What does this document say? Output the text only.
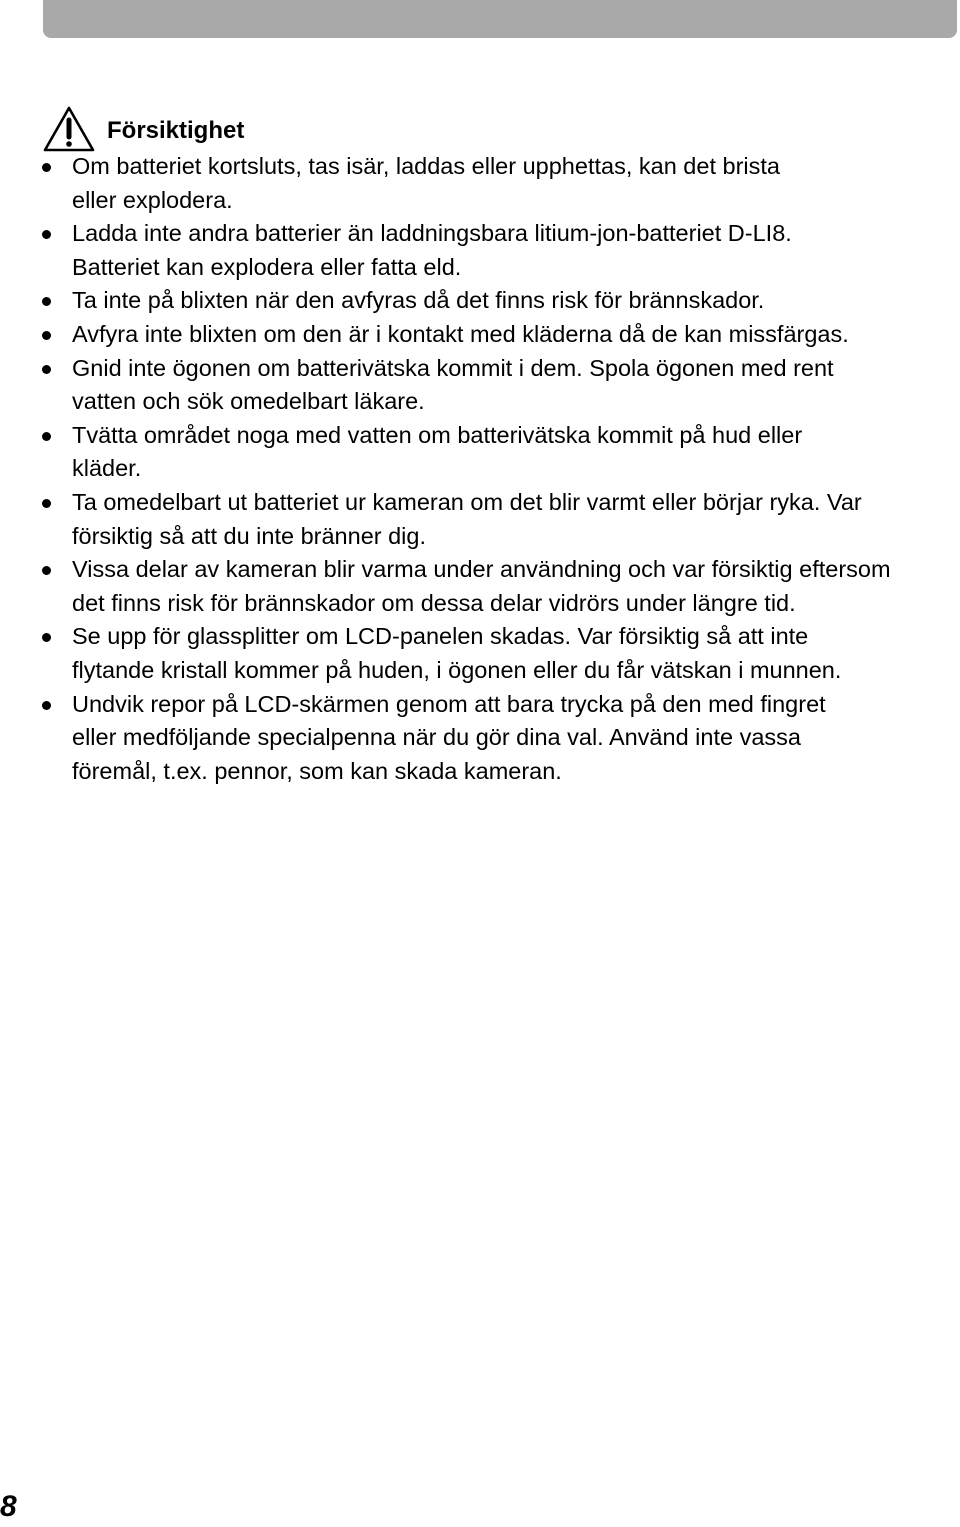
Försiktighet
Om batteriet kortsluts, tas isär, laddas eller upphettas, kan det brista
eller explodera.
Ladda inte andra batterier än laddningsbara litium-jon-batteriet D-LI8.
Batteriet kan explodera eller fatta eld.
Ta inte på blixten när den avfyras då det finns risk för brännskador.
Avfyra inte blixten om den är i kontakt med kläderna då de kan missfärgas.
Gnid inte ögonen om batterivätska kommit i dem. Spola ögonen med rent
vatten och sök omedelbart läkare.
Tvätta området noga med vatten om batterivätska kommit på hud eller
kläder.
Ta omedelbart ut batteriet ur kameran om det blir varmt eller börjar ryka. Var
försiktig så att du inte bränner dig.
Vissa delar av kameran blir varma under användning och var försiktig eftersom
det finns risk för brännskador om dessa delar vidrörs under längre tid.
Se upp för glassplitter om LCD-panelen skadas. Var försiktig så att inte
flytande kristall kommer på huden, i ögonen eller du får vätskan i munnen.
Undvik repor på LCD-skärmen genom att bara trycka på den med fingret
eller medföljande specialpenna när du gör dina val. Använd inte vassa
föremål, t.ex. pennor, som kan skada kameran.
8
